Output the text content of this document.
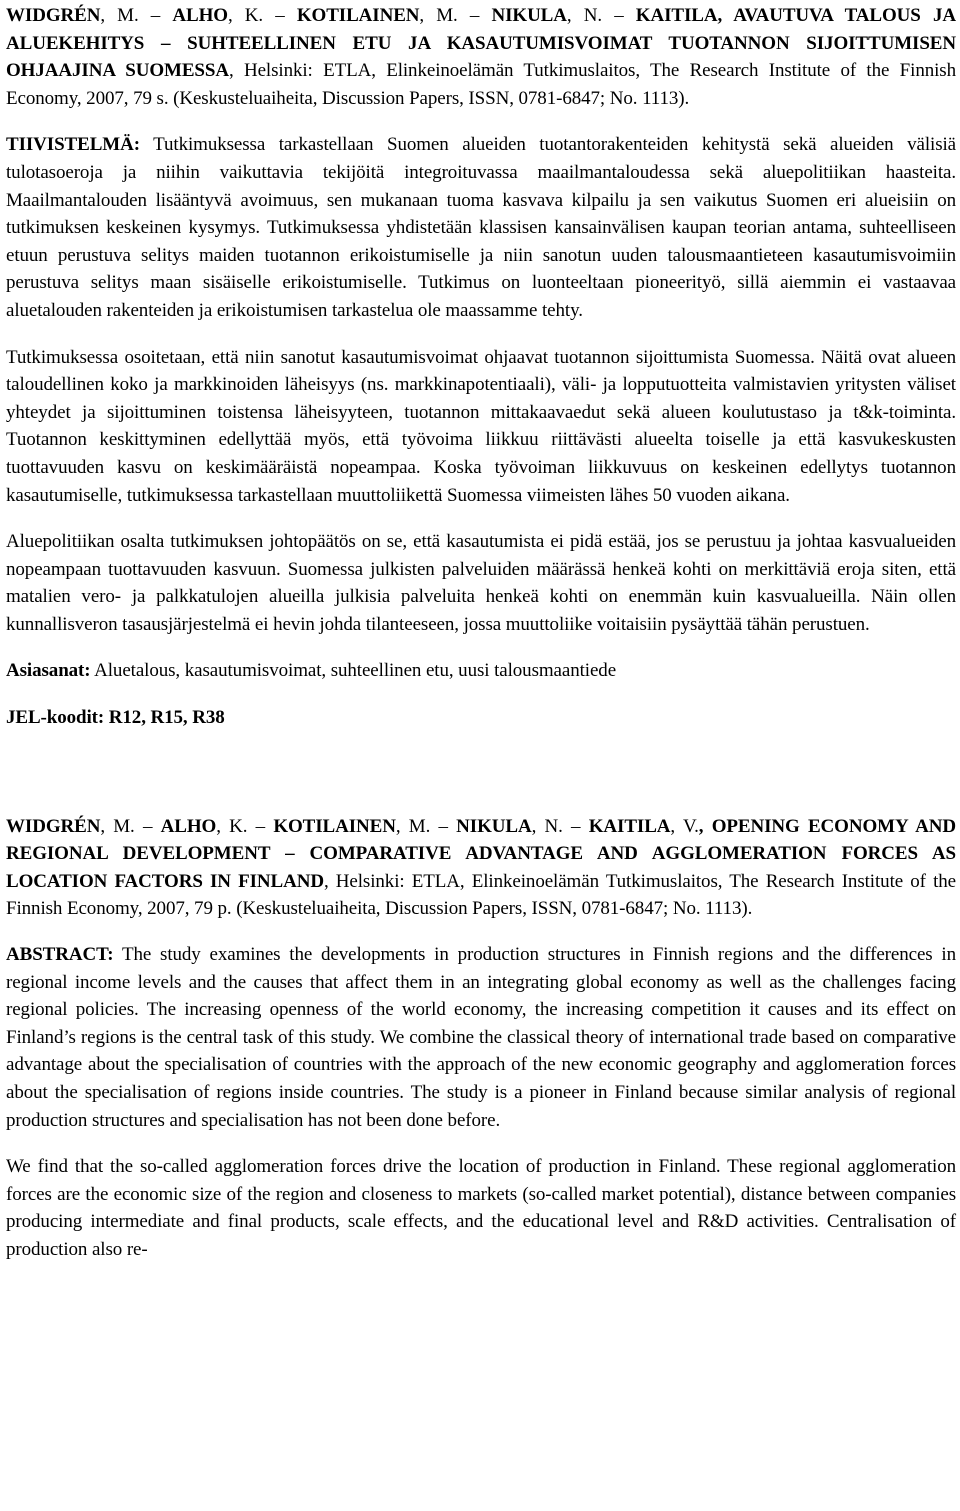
WIDGRÉN, M. – ALHO, K. – KOTILAINEN, M. – NIKULA, N. – KAITILA, AVAUTUVA TALOUS JA ALUEKEHITYS – SUHTEELLINEN ETU JA KASAUTUMISVOIMAT TUOTANNON SIJOITTUMISEN OHJAAJINA SUOMESSA, Helsinki: ETLA, Elinkeinoelämän Tutkimuslaitos, The Research Institute of the Finnish Economy, 2007, 79 s. (Keskusteluaiheita, Discussion Papers, ISSN, 0781-6847; No. 1113).

TIIVISTELMÄ: Tutkimuksessa tarkastellaan Suomen alueiden tuotantorakenteiden kehitystä sekä alueiden välisiä tulotasoeroja ja niihin vaikuttavia tekijöitä integroituvassa maailmantaloudessa sekä aluepolitiikan haasteita. Maailmantalouden lisääntyvä avoimuus, sen mukanaan tuoma kasvava kilpailu ja sen vaikutus Suomen eri alueisiin on tutkimuksen keskeinen kysymys. Tutkimuksessa yhdistetään klassisen kansainvälisen kaupan teorian antama, suhteelliseen etuun perustuva selitys maiden tuotannon erikoistumiselle ja niin sanotun uuden talousmaantieteen kasautumisvoimiin perustuva selitys maan sisäiselle erikoistumiselle. Tutkimus on luonteeltaan pioneerityö, sillä aiemmin ei vastaavaa aluetalouden rakenteiden ja erikoistumisen tarkastelua ole maassamme tehty.

Tutkimuksessa osoitetaan, että niin sanotut kasautumisvoimat ohjaavat tuotannon sijoittumista Suomessa. Näitä ovat alueen taloudellinen koko ja markkinoiden läheisyys (ns. markkinapotentiaali), väli- ja lopputuotteita valmistavien yritysten väliset yhteydet ja sijoittuminen toistensa läheisyyteen, tuotannon mittakaavaedut sekä alueen koulutustaso ja t&k-toiminta. Tuotannon keskittyminen edellyttää myös, että työvoima liikkuu riittävästi alueelta toiselle ja että kasvukeskusten tuottavuuden kasvu on keskimääräistä nopeampaa. Koska työvoiman liikkuvuus on keskeinen edellytys tuotannon kasautumiselle, tutkimuksessa tarkastellaan muuttoliikettä Suomessa viimeisten lähes 50 vuoden aikana.

Aluepolitiikan osalta tutkimuksen johtopäätös on se, että kasautumista ei pidä estää, jos se perustuu ja johtaa kasvualueiden nopeampaan tuottavuuden kasvuun. Suomessa julkisten palveluiden määrässä henkeä kohti on merkittäviä eroja siten, että matalien vero- ja palkkatulojen alueilla julkisia palveluita henkeä kohti on enemmän kuin kasvualueilla. Näin ollen kunnallisveron tasausjärjestelmä ei hevin johda tilanteeseen, jossa muuttoliike voitaisiin pysäyttää tähän perustuen.

Asiasanat: Aluetalous, kasautumisvoimat, suhteellinen etu, uusi talousmaantiede

JEL-koodit: R12, R15, R38

WIDGRÉN, M. – ALHO, K. – KOTILAINEN, M. – NIKULA, N. – KAITILA, V., OPENING ECONOMY AND REGIONAL DEVELOPMENT – COMPARATIVE ADVANTAGE AND AGGLOMERATION FORCES AS LOCATION FACTORS IN FINLAND, Helsinki: ETLA, Elinkeinoelämän Tutkimuslaitos, The Research Institute of the Finnish Economy, 2007, 79 p. (Keskusteluaiheita, Discussion Papers, ISSN, 0781-6847; No. 1113).

ABSTRACT: The study examines the developments in production structures in Finnish regions and the differences in regional income levels and the causes that affect them in an integrating global economy as well as the challenges facing regional policies. The increasing openness of the world economy, the increasing competition it causes and its effect on Finland’s regions is the central task of this study. We combine the classical theory of international trade based on comparative advantage about the specialisation of countries with the approach of the new economic geography and agglomeration forces about the specialisation of regions inside countries. The study is a pioneer in Finland because similar analysis of regional production structures and specialisation has not been done before.

We find that the so-called agglomeration forces drive the location of production in Finland. These regional agglomeration forces are the economic size of the region and closeness to markets (so-called market potential), distance between companies producing intermediate and final products, scale effects, and the educational level and R&D activities. Centralisation of production also re-
